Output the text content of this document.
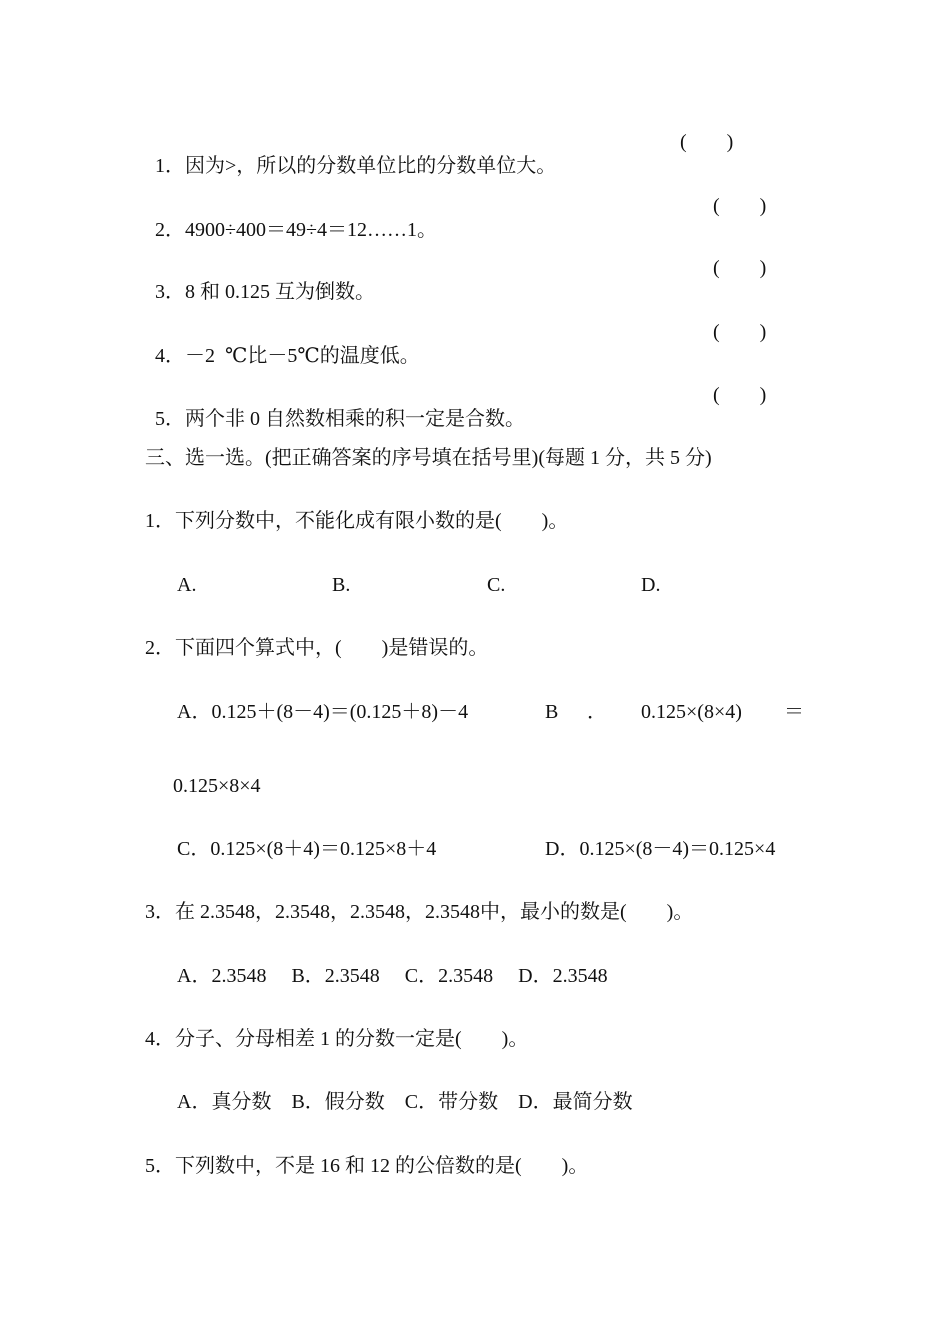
1．因为>，所以的分数单位比的分数单位大。

(　　)

2．4900÷400＝49÷4＝12……1。

(　　)

3．8 和 0.125 互为倒数。

(　　)

4．－2  ℃比－5℃的温度低。

(　　)

5．两个非 0 自然数相乘的积一定是合数。

(　　)
三、选一选。(把正确答案的序号填在括号里)(每题 1 分，共 5 分)
1．下列分数中，不能化成有限小数的是(　　)。
A.	B.	C.	D.
2．下面四个算式中，(　　)是错误的。
A．0.125＋(8－4)＝(0.125＋8)－4	B ． 0.125×(8×4) ＝
0.125×8×4
C．0.125×(8＋4)＝0.125×8＋4	D．0.125×(8－4)＝0.125×4
3．在 2.3548，2.3548，2.3548，2.3548中，最小的数是(　　)。
A．2.3548　 B．2.3548　 C．2.3548　 D．2.3548
4．分子、分母相差 1 的分数一定是(　　)。
A．真分数　B．假分数　C．带分数　D．最简分数
5．下列数中，不是 16 和 12 的公倍数的是(　　)。
